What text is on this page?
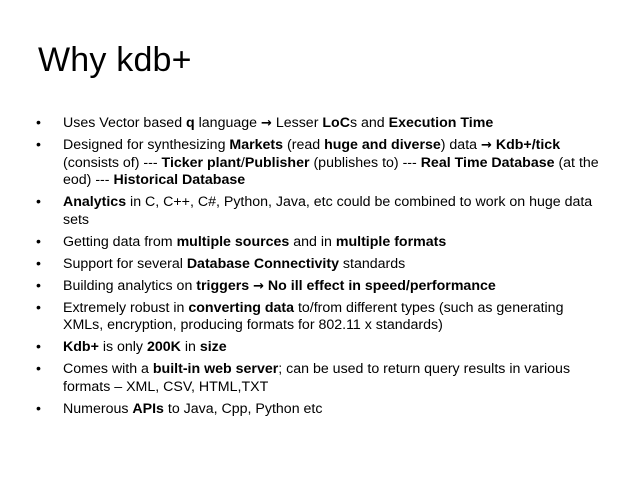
Why kdb+
•	Uses Vector based q language → Lesser LoCs and Execution Time
•	Designed for synthesizing Markets (read huge and diverse) data → Kdb+/tick (consists of) --- Ticker plant/Publisher (publishes to) --- Real Time Database (at the eod) --- Historical Database
•	Analytics in C, C++, C#, Python, Java, etc could be combined to work on huge data sets
•	Getting data from multiple sources and in multiple formats
•	Support for several Database Connectivity standards
•	Building analytics on triggers → No ill effect in speed/performance
•	Extremely robust in converting data to/from different types (such as generating XMLs, encryption, producing formats for 802.11 x standards)
•	Kdb+ is only 200K in size
•	Comes with a built-in web server; can be used to return query results in various formats – XML, CSV, HTML,TXT
•	Numerous APIs to Java, Cpp, Python etc
